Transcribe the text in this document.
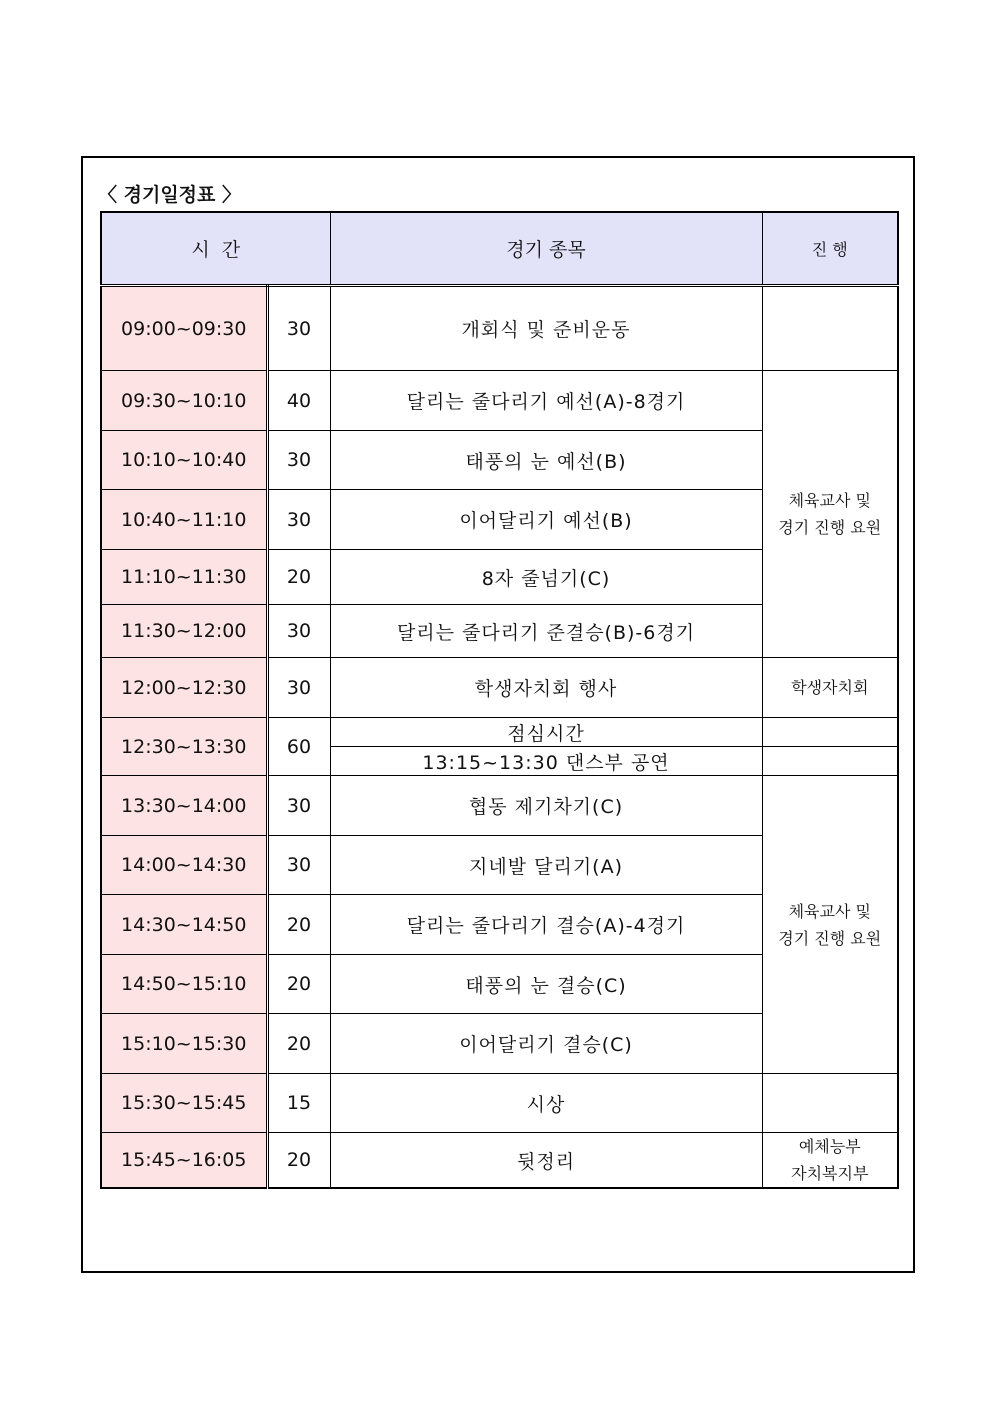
〈 경기일정표 〉
시  간		경기 종목	진 행
09:00~09:30	30	개회식 및 준비운동	
09:30~10:10	40	달리는 줄다리기 예선(A)-8경기	체육교사 및
경기 진행 요원

10:10~10:40	30	태풍의 눈 예선(B)	
10:40~11:10	30	이어달리기 예선(B)	
11:10~11:30	20	8자 줄넘기(C)	
11:30~12:00	30	달리는 줄다리기 준결승(B)-6경기	
12:00~12:30	30	학생자치회 행사	학생자치회
12:30~13:30	60	점심시간	
		13:15~13:30 댄스부 공연	
13:30~14:00	30	협동 제기차기(C)	체육교사 및
경기 진행 요원

14:00~14:30	30	지네발 달리기(A)	
14:30~14:50	20	달리는 줄다리기 결승(A)-4경기	
14:50~15:10	20	태풍의 눈 결승(C)	
15:10~15:30	20	이어달리기 결승(C)	
15:30~15:45	15	시상	
15:45~16:05	20	뒷정리	예체능부
자치복지부
